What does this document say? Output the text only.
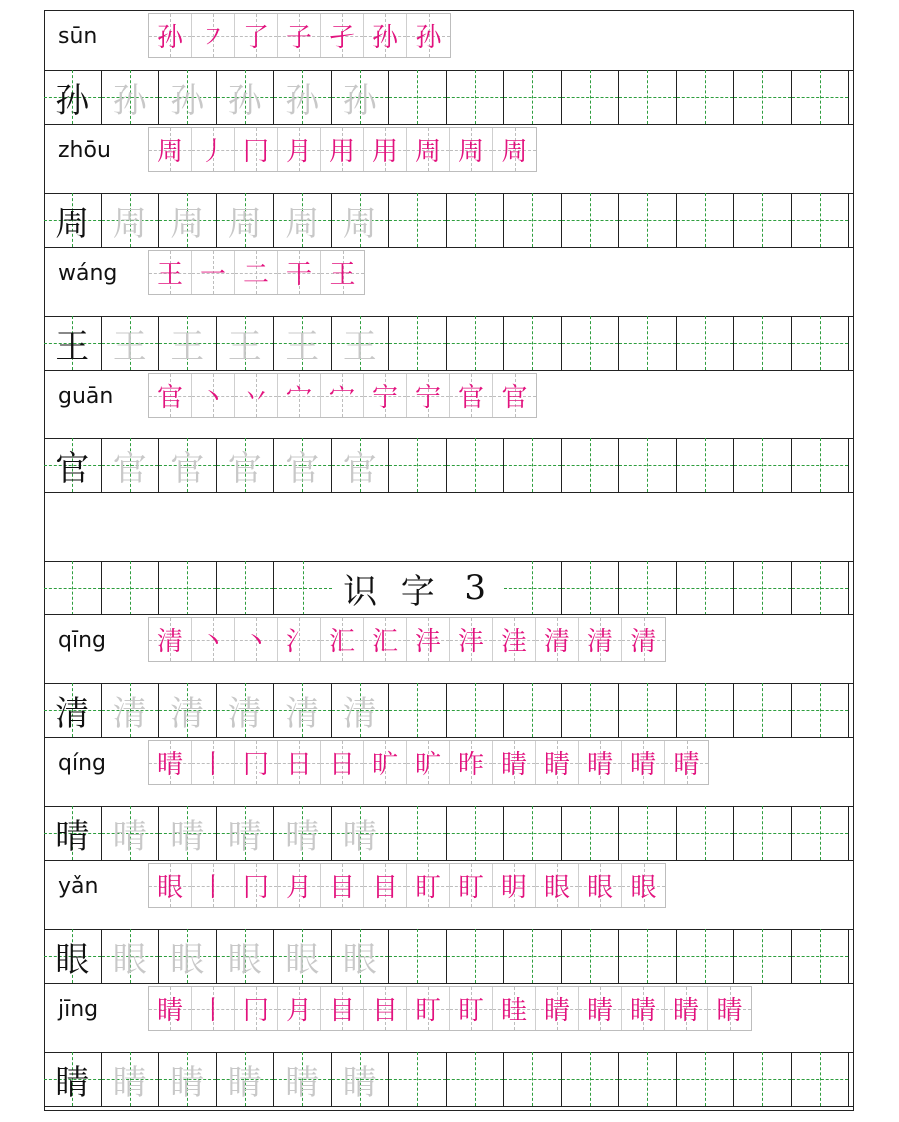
sūn 孙 ㇇ 了 子 孑 孙 孙
孙 孙 孙 孙 孙 孙
zhōu 周 丿 冂 月 用 用 周 周 周
周 周 周 周 周 周
wáng 王 一 二 干 王
王 王 王 王 王 王
guān 官 丶 丷 宀 宀 宁 宁 官 官
官 官 官 官 官 官
识 字 3
qīng 清 丶 丶 氵 汇 汇 沣 沣 洼 清 清 清
清 清 清 清 清 清
qíng 晴 丨 冂 日 日 旷 旷 昨 睛 睛 晴 晴 晴
晴 晴 晴 晴 晴 晴
yǎn 眼 丨 冂 月 目 目 盯 盯 眀 眼 眼 眼
眼 眼 眼 眼 眼 眼
jīng 睛 丨 冂 月 目 目 盯 盯 眭 睛 睛 睛 睛 睛
睛 睛 睛 睛 睛 睛
